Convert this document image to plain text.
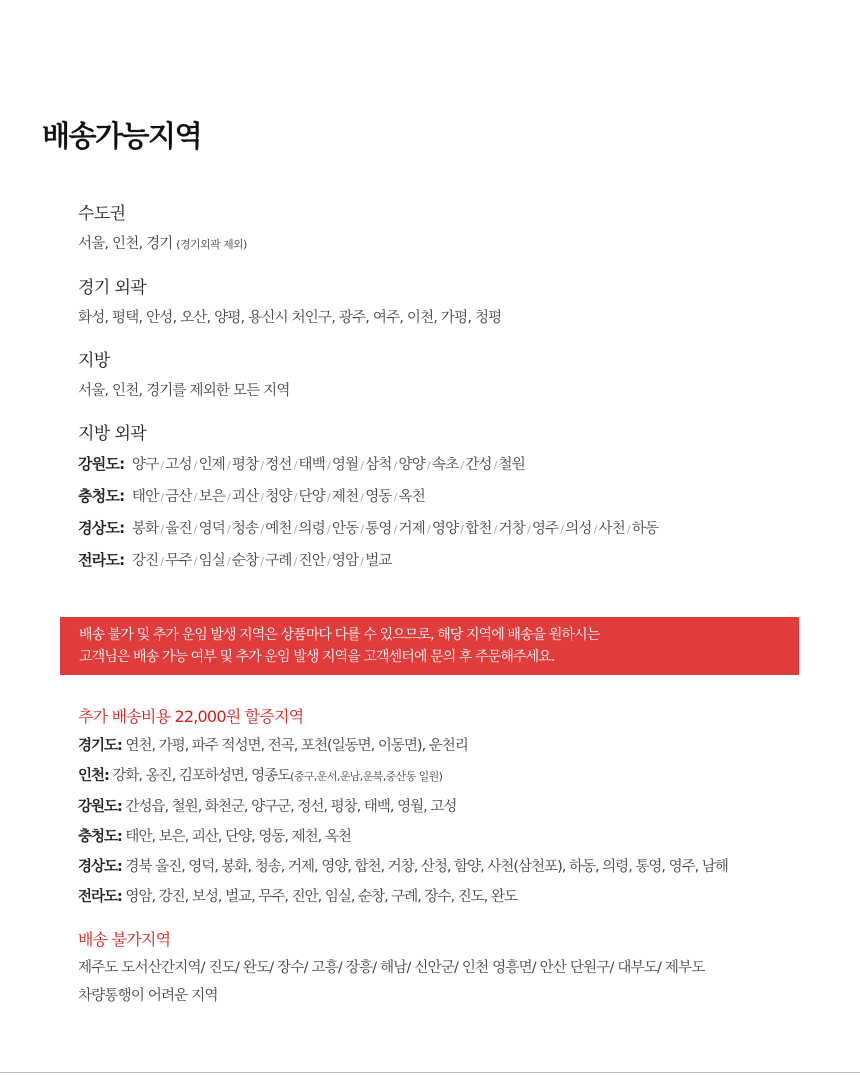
배송가능지역
수도권
서울, 인천, 경기 (경기외곽 제외)
경기 외곽
화성, 평택, 안성, 오산, 양평, 용신시 처인구, 광주, 여주, 이천, 가평, 청평
지방
서울, 인천, 경기를 제외한 모든 지역
지방 외곽
강원도: 양구 / 고성 / 인제 / 평창 / 정선 / 태백 / 영월 / 삼척 / 양양 / 속초 / 간성 / 철원
충청도: 태안 / 금산 / 보은 / 괴산 / 청양 / 단양 / 제천 / 영동 / 옥천
경상도: 봉화 / 울진 / 영덕 / 청송 / 예천 / 의령 / 안동 / 통영 / 거제 / 영양 / 합천 / 거창 / 영주 / 의성 / 사천 / 하동
전라도: 강진 / 무주 / 임실 / 순창 / 구례 / 진안 / 영암 / 벌교
배송 불가 및 추가 운임 발생 지역은 상품마다 다를 수 있으므로, 해당 지역에 배송을 원하시는
고객님은 배송 가능 여부 및 추가 운임 발생 지역을 고객센터에 문의 후 주문해주세요.
추가 배송비용 22,000원 할증지역
경기도: 연천, 가평, 파주 적성면, 전곡, 포천(일동면, 이동면), 운천리
인천: 강화, 옹진, 김포하성면, 영종도(중구,운서,운남,운북,중산동 일원)
강원도: 간성읍, 철원, 화천군, 양구군, 정선, 평창, 태백, 영월, 고성
충청도: 태안, 보은, 괴산, 단양, 영동, 제천, 옥천
경상도: 경북 울진, 영덕, 봉화, 청송, 거제, 영양, 합천, 거창, 산청, 함양, 사천(삼천포), 하동, 의령, 통영, 영주, 남해
전라도: 영암, 강진, 보성, 벌교, 무주, 진안, 임실, 순창, 구례, 장수, 진도, 완도
배송 불가지역
제주도 도서산간지역/ 진도/ 완도/ 장수/ 고흥/ 장흥/ 해남/ 신안군/ 인천 영흥면/ 안산 단원구/ 대부도/ 제부도
차량통행이 어려운 지역
